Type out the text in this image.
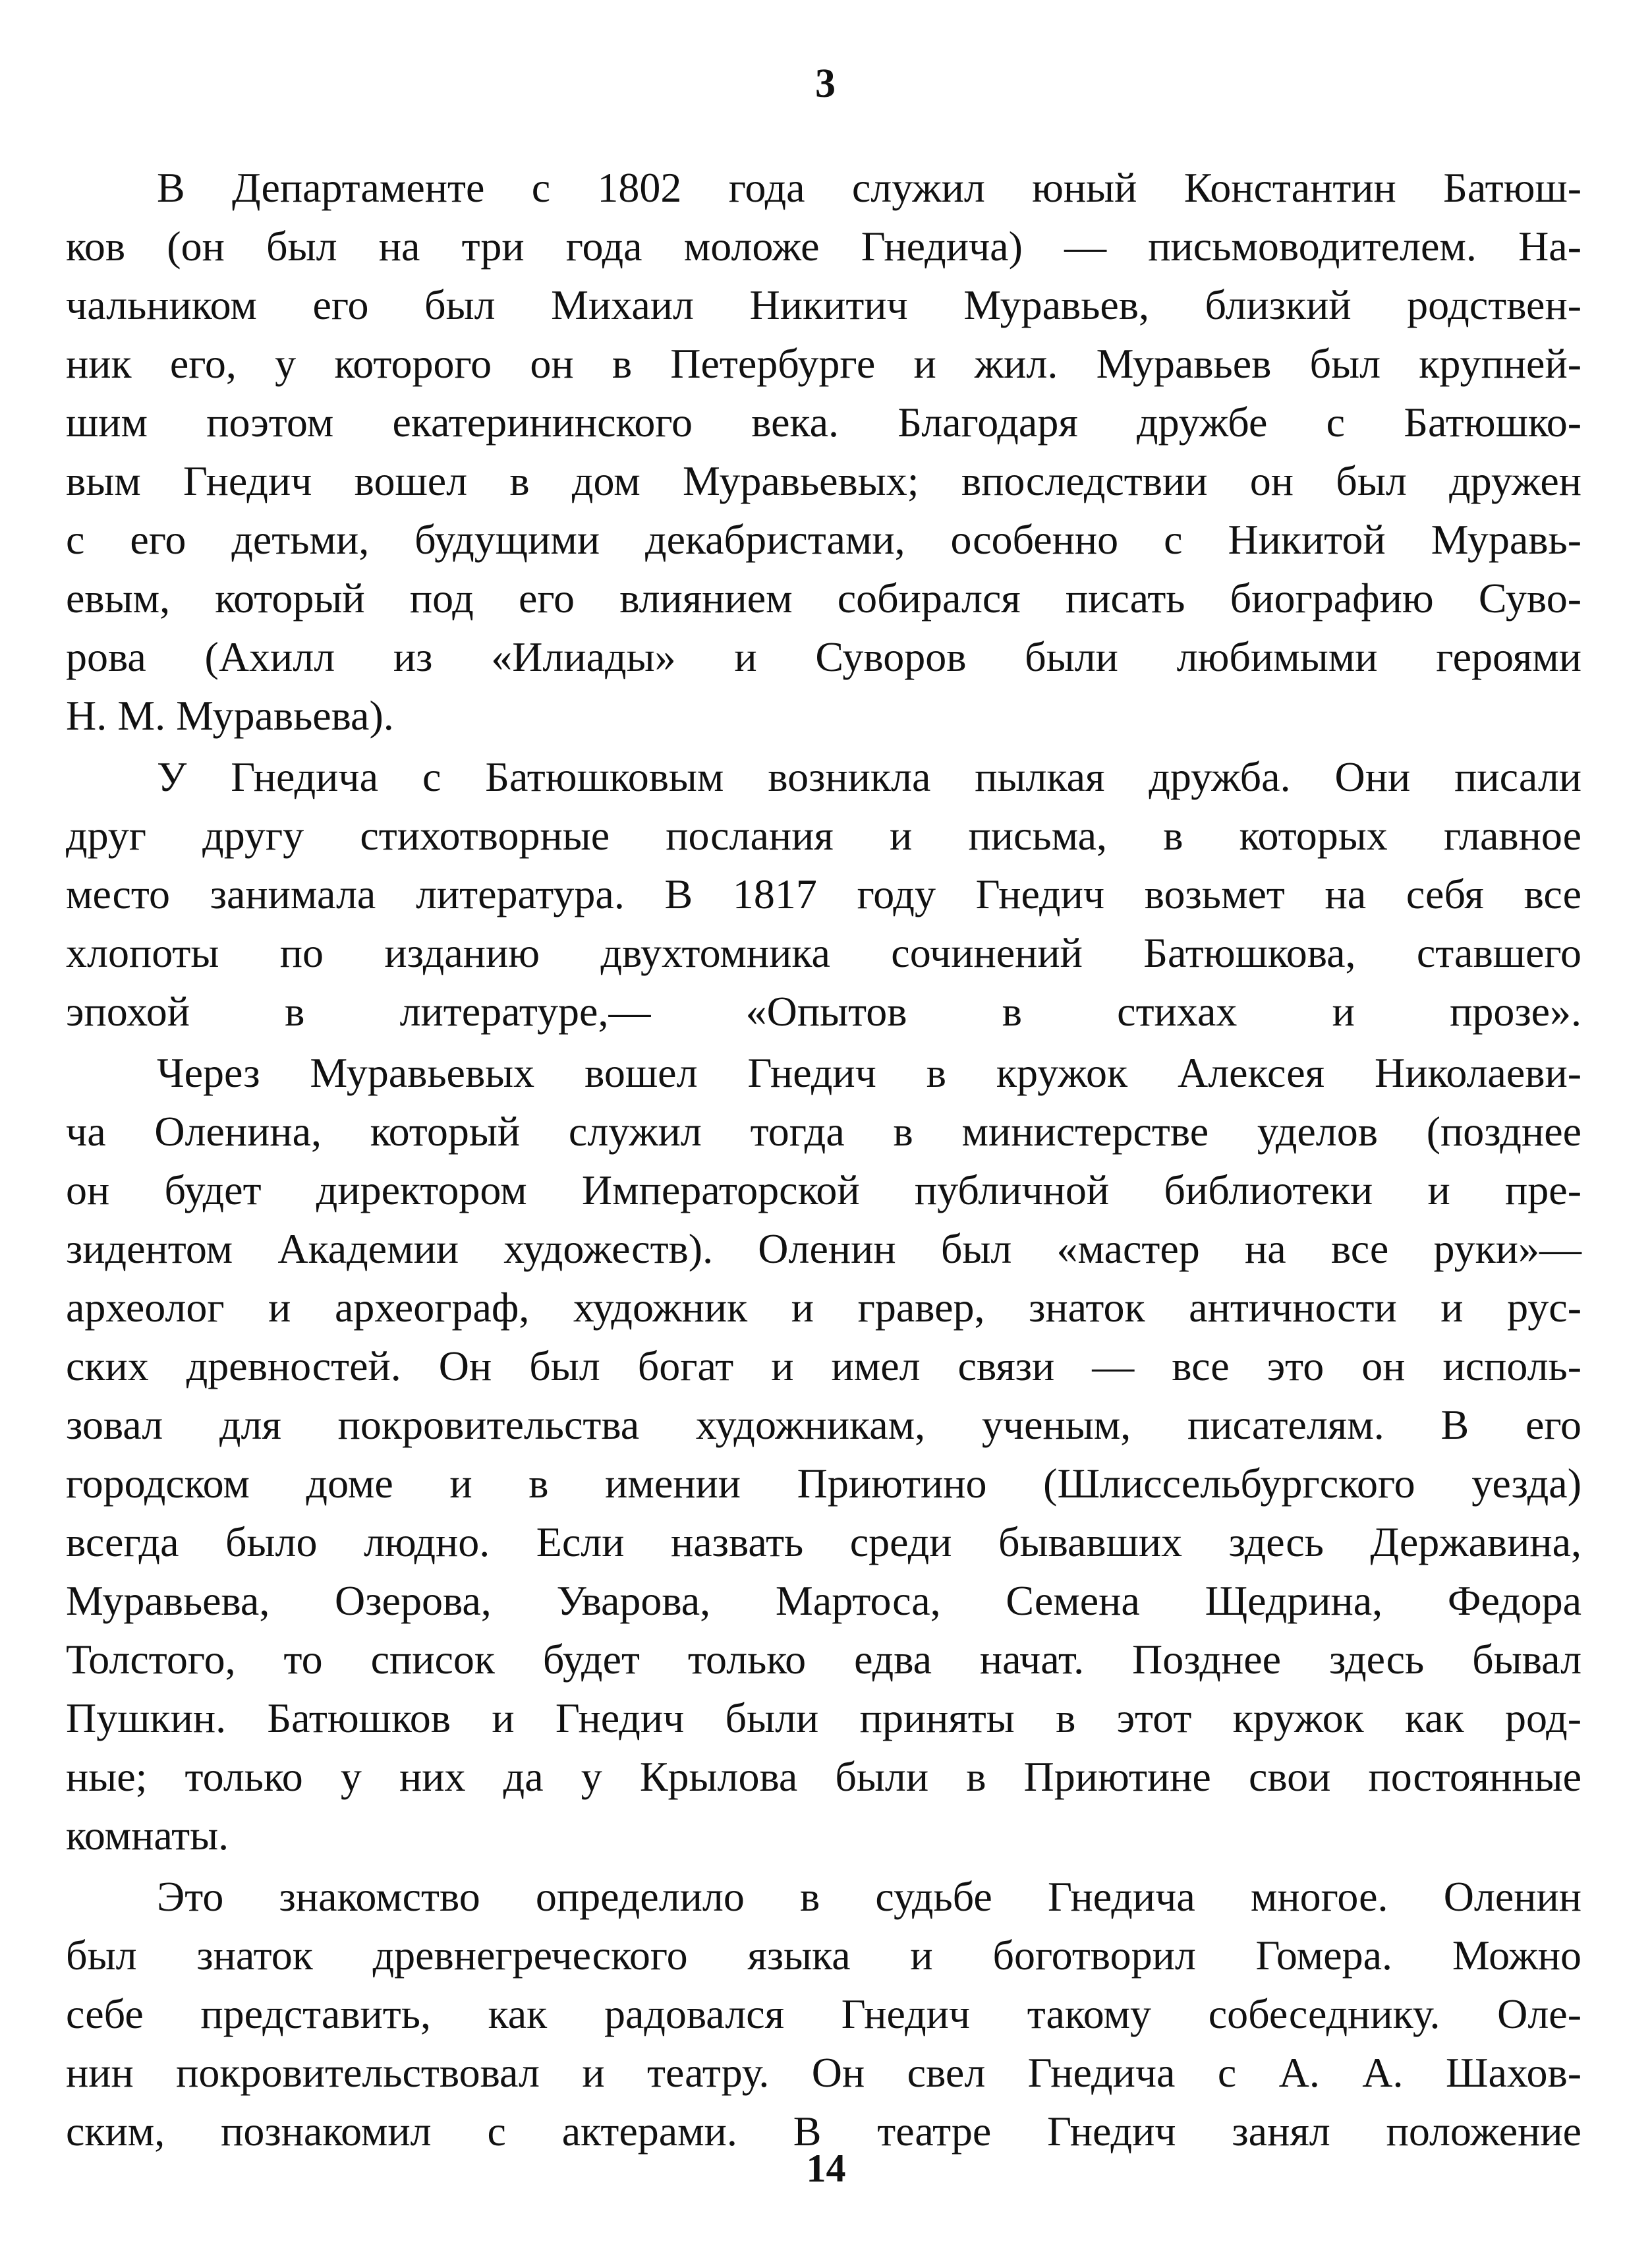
3
В Департаменте с 1802 года служил юный Константин Батюш-
ков (он был на три года моложе Гнедича) — письмоводителем. На-
чальником его был Михаил Никитич Муравьев, близкий родствен-
ник его, у которого он в Петербурге и жил. Муравьев был крупней-
шим поэтом екатерининского века. Благодаря дружбе с Батюшко-
вым Гнедич вошел в дом Муравьевых; впоследствии он был дружен
с его детьми, будущими декабристами, особенно с Никитой Муравь-
евым, который под его влиянием собирался писать биографию Суво-
рова (Ахилл из «Илиады» и Суворов были любимыми героями
Н. М. Муравьева).
У Гнедича с Батюшковым возникла пылкая дружба. Они писали
друг другу стихотворные послания и письма, в которых главное
место занимала литература. В 1817 году Гнедич возьмет на себя все
хлопоты по изданию двухтомника сочинений Батюшкова, ставшего
эпохой в литературе,— «Опытов в стихах и прозе».
Через Муравьевых вошел Гнедич в кружок Алексея Николаеви-
ча Оленина, который служил тогда в министерстве уделов (позднее
он будет директором Императорской публичной библиотеки и пре-
зидентом Академии художеств). Оленин был «мастер на все руки»—
археолог и археограф, художник и гравер, знаток античности и рус-
ских древностей. Он был богат и имел связи — все это он исполь-
зовал для покровительства художникам, ученым, писателям. В его
городском доме и в имении Приютино (Шлиссельбургского уезда)
всегда было людно. Если назвать среди бывавших здесь Державина,
Муравьева, Озерова, Уварова, Мартоса, Семена Щедрина, Федора
Толстого, то список будет только едва начат. Позднее здесь бывал
Пушкин. Батюшков и Гнедич были приняты в этот кружок как род-
ные; только у них да у Крылова были в Приютине свои постоянные
комнаты.
Это знакомство определило в судьбе Гнедича многое. Оленин
был знаток древнегреческого языка и боготворил Гомера. Можно
себе представить, как радовался Гнедич такому собеседнику. Оле-
нин покровительствовал и театру. Он свел Гнедича с А. А. Шахов-
ским, познакомил с актерами. В театре Гнедич занял положение
14
